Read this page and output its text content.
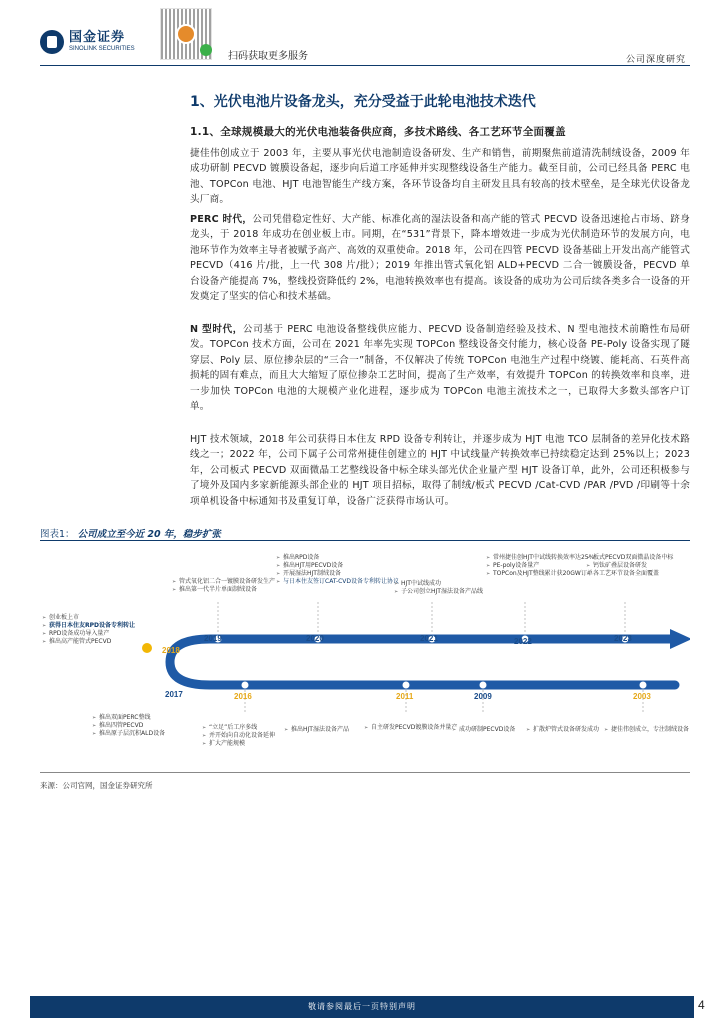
国金证券
SINOLINK SECURITIES
扫码获取更多服务	公司深度研究
1、光伏电池片设备龙头，充分受益于此轮电池技术迭代
1.1、全球规模最大的光伏电池装备供应商，多技术路线、各工艺环节全面覆盖
捷佳伟创成立于 2003 年，主要从事光伏电池制造设备研发、生产和销售，前期聚焦前道清洗制绒设备，2009 年成功研制 PECVD 镀膜设备起，逐步向后道工序延伸并实现整线设备生产能力。截至目前，公司已经具备 PERC 电池、TOPCon 电池、HJT 电池智能生产线方案，各环节设备均自主研发且具有较高的技术壁垒，是全球光伏设备龙头厂商。
PERC 时代，公司凭借稳定性好、大产能、标准化高的湿法设备和高产能的管式 PECVD 设备迅速抢占市场、跻身龙头，于 2018 年成功在创业板上市。同期，在“531”背景下，降本增效进一步成为光伏制造环节的发展方向，电池环节作为效率主导者被赋予高产、高效的双重使命。2018 年，公司在四管 PECVD 设备基础上开发出高产能管式 PECVD（416 片/批，上一代 308 片/批）；2019 年推出管式氧化铝 ALD+PECVD 二合一镀膜设备，PECVD 单台设备产能提高 7%，整线投资降低约 2%，电池转换效率也有提高。该设备的成功为公司后续各类多合一设备的开发奠定了坚实的信心和技术基础。
N 型时代，公司基于 PERC 电池设备整线供应能力、PECVD 设备制造经验及技术、N 型电池技术前瞻性布局研发。TOPCon 技术方面，公司在 2021 年率先实现 TOPCon 整线设备交付能力，核心设备 PE-Poly 设备实现了隧穿层、Poly 层、原位掺杂层的“三合一”制备，不仅解决了传统 TOPCon 电池生产过程中绕镀、能耗高、石英件高损耗的固有难点，而且大大缩短了原位掺杂工艺时间，提高了生产效率，有效提升 TOPCon 的转换效率和良率，进一步加快 TOPCon 电池的大规模产业化进程，逐步成为 TOPCon 电池主流技术之一，已取得大多数头部客户订单。
HJT 技术领域，2018 年公司获得日本住友 RPD 设备专利转让，并逐步成为 HJT 电池 TCO 层制备的差异化技术路线之一；2022 年，公司下属子公司常州捷佳创建立的 HJT 中试线量产转换效率已持续稳定达到 25%以上；2023 年，公司板式 PECVD 双面微晶工艺整线设备中标全球头部光伏企业量产型 HJT 设备订单，此外，公司还积极参与了境外及国内多家新能源头部企业的 HJT 项目招标，取得了制绒/板式 PECVD /Cat-CVD /PAR /PVD /印刷等十余项单机设备中标通知书及重复订单，设备广泛获得市场认可。
图表1： 公司成立至今近 20 年，稳步扩张
2019	2020	2021	2022	2023
2018
2017	2016	2011	2009	2003
➢ 管式氧化铝二合一镀膜设备研发生产
➢ 推出第一代半片单面制绒设备
➢ 推出RPD设备
➢ 推出HJT用PECVD设备
➢ 开展湿法HJT制绒设备
➢ 与日本住友签订CAT-CVD设备专利转让协议 ➢ HJT中试线成功
➢ 子公司创立HJT湿法设备产品线
➢ 常州捷佳创HJT中试线转换效率达25%
➢ PE-poly设备量产
➢ TOPCon及HJT整线累计获20GW订单
➢ 板式PECVD双面微晶设备中标
➢ 钙钛矿叠层设备研发
➢ 各工艺环节设备全面覆盖
➢ 创业板上市
➢ 获得日本住友RPD设备专利转让
➢ RPD设备成功导入量产
➢ 推出高产能管式PECVD
➢ 推出双面PERC整线
➢ 推出四管PECVD
➢ 推出原子层沉积ALD设备
➢ “立足”后工序多线
➢ 并开始向自动化设备延伸
➢ 扩大产能规模
➢ 推出HJT湿法设备产品	➢ 自主研发PECVD镀膜设备并量产 ➢ 成功研制PECVD设备	➢ 扩散炉管式设备研发成功	➢ 捷佳伟创成立，专注制绒设备
来源：公司官网，国金证券研究所
敬请参阅最后一页特别声明	4
